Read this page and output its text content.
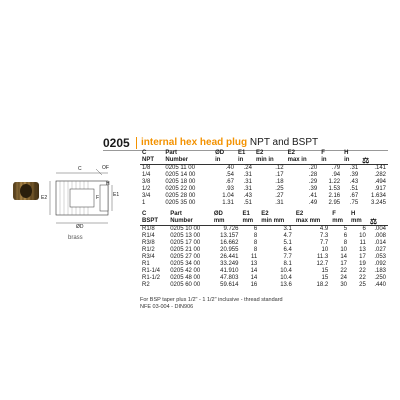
0205 internal hex head plug NPT and BSPT
OF
C
E2	E1
F
H
ØD
brass
C	Part	ØD	E1	E2	E2	F	H	
NPT	Number	in	in	min in	max in	in	in	⚖
1/8	0205 11 00	.40	.24	.12	.20	.79	.31	.141
1/4	0205 14 00	.54	.31	.17	.28	.94	.39	.282
3/8	0205 18 00	.67	.31	.18	.29	1.22	.43	.494
1/2	0205 22 00	.93	.31	.25	.39	1.53	.51	.917
3/4	0205 28 00	1.04	.43	.27	.41	2.16	.67	1.634
1	0205 35 00	1.31	.51	.31	.49	2.95	.75	3.245
C	Part	ØD	E1	E2	E2	F	H	
BSPT	Number	mm	mm	min mm	max mm	mm	mm	⚖
R1/8	0205 10 00	9.726	6	3.1	4.9	5	6	.004
R1/4	0205 13 00	13.157	8	4.7	7.3	6	10	.008
R3/8	0205 17 00	16.662	8	5.1	7.7	8	11	.014
R1/2	0205 21 00	20.955	8	6.4	10	10	13	.027
R3/4	0205 27 00	26.441	11	7.7	11.3	14	17	.053
R1	0205 34 00	33.249	13	8.1	12.7	17	19	.092
R1-1/4	0205 42 00	41.910	14	10.4	15	22	22	.183
R1-1/2	0205 48 00	47.803	14	10.4	15	24	22	.250
R2	0205 60 00	59.614	16	13.6	18.2	30	25	.440
For BSP taper plus 1/2" - 1 1/2" inclusive - thread standard
NFE 03-004 - DIN906
